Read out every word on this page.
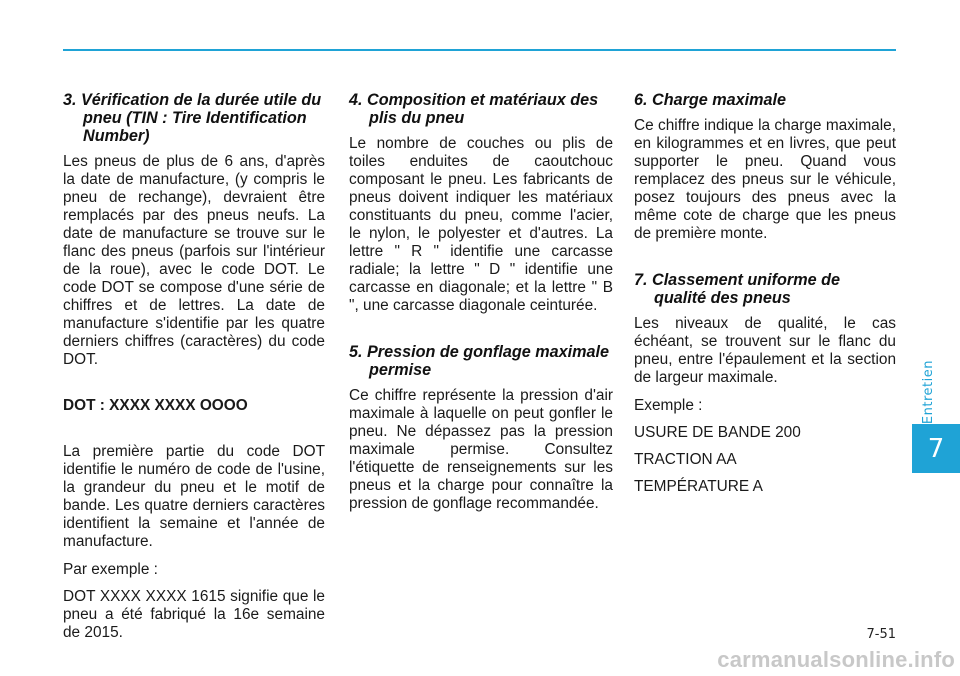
3. Vérification de la durée utile du pneu (TIN : Tire Identification Number)
Les pneus de plus de 6 ans, d'après la date de manufacture, (y compris le pneu de rechange), devraient être remplacés par des pneus neufs. La date de manufacture se trouve sur le flanc des pneus (parfois sur l'intérieur de la roue), avec le code DOT. Le code DOT se compose d'une série de chiffres et de lettres. La date de manufacture s'identifie par les quatre derniers chiffres (caractères) du code DOT.
DOT : XXXX XXXX OOOO
La première partie du code DOT identifie le numéro de code de l'usine, la grandeur du pneu et le motif de bande. Les quatre derniers caractères identifient la semaine et l'année de manufacture.
Par exemple :
DOT XXXX XXXX 1615 signifie que le pneu a été fabriqué la 16e semaine de 2015.
4. Composition et matériaux des plis du pneu
Le nombre de couches ou plis de toiles enduites de caoutchouc composant le pneu. Les fabricants de pneus doivent indiquer les matériaux constituants du pneu, comme l'acier, le nylon, le polyester et d'autres. La lettre " R " identifie une carcasse radiale; la lettre " D " identifie une carcasse en diagonale; et la lettre " B ", une carcasse diagonale ceinturée.
5. Pression de gonflage maximale permise
Ce chiffre représente la pression d'air maximale à laquelle on peut gonfler le pneu. Ne dépassez pas la pression maximale permise. Consultez l'étiquette de renseignements sur les pneus et la charge pour connaître la pression de gonflage recommandée.
6. Charge maximale
Ce chiffre indique la charge maximale, en kilogrammes et en livres, que peut supporter le pneu. Quand vous remplacez des pneus sur le véhicule, posez toujours des pneus avec la même cote de charge que les pneus de première monte.
7. Classement uniforme de qualité des pneus
Les niveaux de qualité, le cas échéant, se trouvent sur le flanc du pneu, entre l'épaulement et la section de largeur maximale.
Exemple :
USURE DE BANDE 200
TRACTION AA
TEMPÉRATURE A
Entretien
7
7-51
carmanualsonline.info
